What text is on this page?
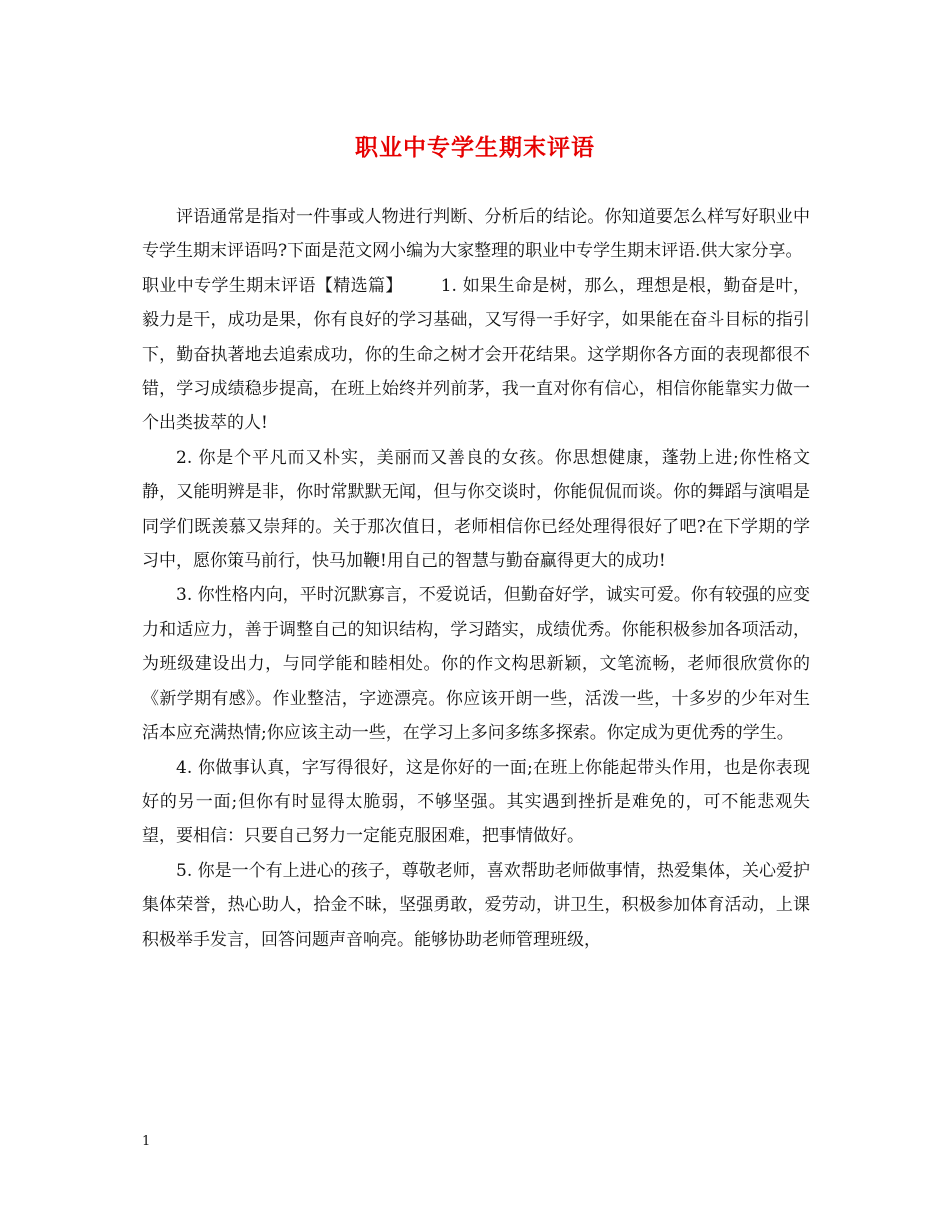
职业中专学生期末评语

评语通常是指对一件事或人物进行判断、分析后的结论。你知道要怎么样写好职业中专学生期末评语吗?下面是范文网小编为大家整理的职业中专学生期末评语.供大家分享。

职业中专学生期末评语【精选篇】 1. 如果生命是树，那么，理想是根，勤奋是叶，毅力是干，成功是果，你有良好的学习基础，又写得一手好字，如果能在奋斗目标的指引下，勤奋执著地去追索成功，你的生命之树才会开花结果。这学期你各方面的表现都很不错，学习成绩稳步提高，在班上始终并列前茅，我一直对你有信心，相信你能靠实力做一个出类拔萃的人!

2. 你是个平凡而又朴实，美丽而又善良的女孩。你思想健康，蓬勃上进;你性格文静，又能明辨是非，你时常默默无闻，但与你交谈时，你能侃侃而谈。你的舞蹈与演唱是同学们既羡慕又崇拜的。关于那次值日，老师相信你已经处理得很好了吧?在下学期的学习中，愿你策马前行，快马加鞭!用自己的智慧与勤奋赢得更大的成功!

3. 你性格内向，平时沉默寡言，不爱说话，但勤奋好学，诚实可爱。你有较强的应变力和适应力，善于调整自己的知识结构，学习踏实，成绩优秀。你能积极参加各项活动，为班级建设出力，与同学能和睦相处。你的作文构思新颖，文笔流畅，老师很欣赏你的《新学期有感》。作业整洁，字迹漂亮。你应该开朗一些，活泼一些，十多岁的少年对生活本应充满热情;你应该主动一些，在学习上多问多练多探索。你定成为更优秀的学生。

4. 你做事认真，字写得很好，这是你好的一面;在班上你能起带头作用，也是你表现好的另一面;但你有时显得太脆弱，不够坚强。其实遇到挫折是难免的，可不能悲观失望，要相信：只要自己努力一定能克服困难，把事情做好。

5. 你是一个有上进心的孩子，尊敬老师，喜欢帮助老师做事情，热爱集体，关心爱护集体荣誉，热心助人，拾金不昧，坚强勇敢，爱劳动，讲卫生，积极参加体育活动，上课积极举手发言，回答问题声音响亮。能够协助老师管理班级，

1
